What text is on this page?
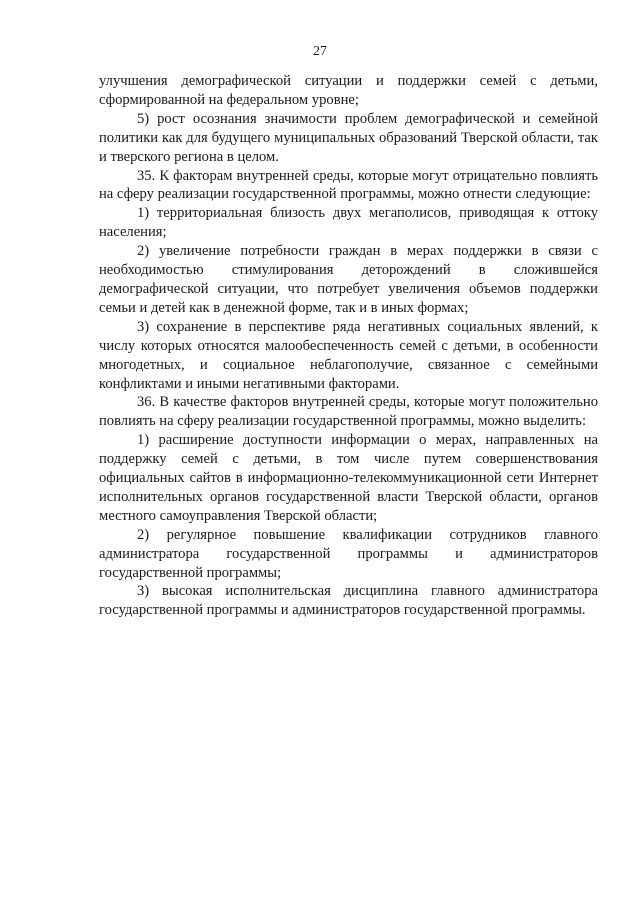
27

улучшения демографической ситуации и поддержки семей с детьми, сформированной на федеральном уровне;

5) рост осознания значимости проблем демографической и семейной политики как для будущего муниципальных образований Тверской области, так и тверского региона в целом.

35. К факторам внутренней среды, которые могут отрицательно повлиять на сферу реализации государственной программы, можно отнести следующие:

1) территориальная близость двух мегаполисов, приводящая к оттоку населения;

2) увеличение потребности граждан в мерах поддержки в связи с необходимостью стимулирования деторождений в сложившейся демографической ситуации, что потребует увеличения объемов поддержки семьи и детей как в денежной форме, так и в иных формах;

3) сохранение в перспективе ряда негативных социальных явлений, к числу которых относятся малообеспеченность семей с детьми, в особенности многодетных, и социальное неблагополучие, связанное с семейными конфликтами и иными негативными факторами.

36. В качестве факторов внутренней среды, которые могут положительно повлиять на сферу реализации государственной программы, можно выделить:

1) расширение доступности информации о мерах, направленных на поддержку семей с детьми, в том числе путем совершенствования официальных сайтов в информационно-телекоммуникационной сети Интернет исполнительных органов государственной власти Тверской области, органов местного самоуправления Тверской области;

2) регулярное повышение квалификации сотрудников главного администратора государственной программы и администраторов государственной программы;

3) высокая исполнительская дисциплина главного администратора государственной программы и администраторов государственной программы.
